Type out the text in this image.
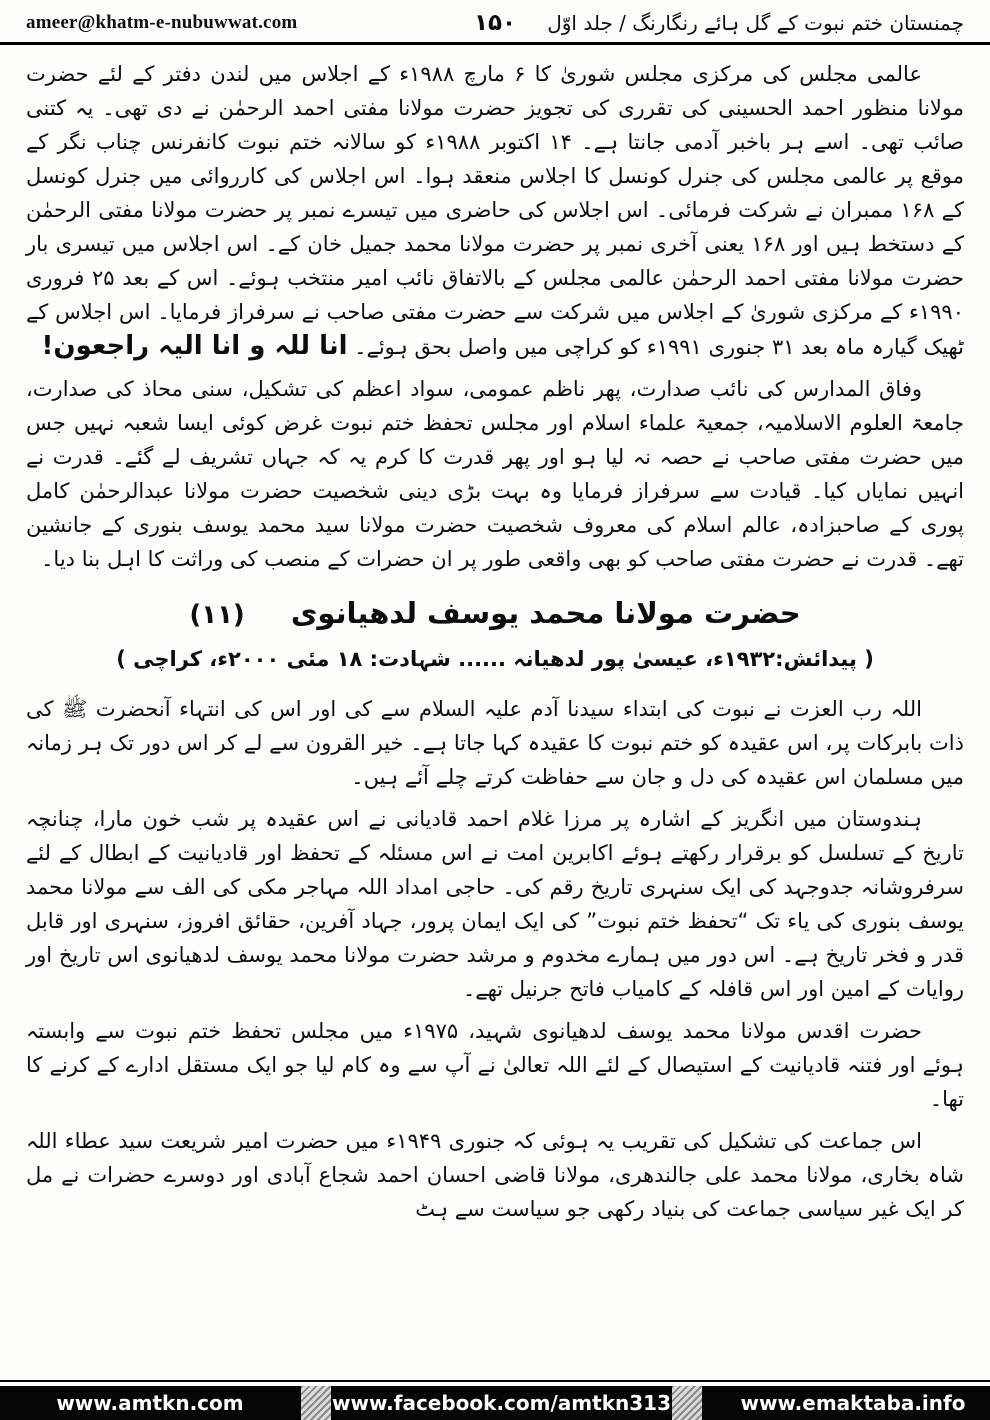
ameer@khatm-e-nubuwwat.com	۱۵۰ چمنستان ختم نبوت کے گل ہائے رنگارنگ / جلد اوّل

عالمی مجلس کی مرکزی مجلس شوریٰ کا ۶ مارچ ۱۹۸۸ء کے اجلاس میں لندن دفتر کے لئے حضرت مولانا منظور احمد الحسینی کی تقرری کی تجویز حضرت مولانا مفتی احمد الرحمٰن نے دی تھی۔ یہ کتنی صائب تھی۔ اسے ہر باخبر آدمی جانتا ہے۔ ۱۴ اکتوبر ۱۹۸۸ء کو سالانہ ختم نبوت کانفرنس چناب نگر کے موقع پر عالمی مجلس کی جنرل کونسل کا اجلاس منعقد ہوا۔ اس اجلاس کی کارروائی میں جنرل کونسل کے ۱۶۸ ممبران نے شرکت فرمائی۔ اس اجلاس کی حاضری میں تیسرے نمبر پر حضرت مولانا مفتی الرحمٰن کے دستخط ہیں اور ۱۶۸ یعنی آخری نمبر پر حضرت مولانا محمد جمیل خان کے۔ اس اجلاس میں تیسری بار حضرت مولانا مفتی احمد الرحمٰن عالمی مجلس کے بالاتفاق نائب امیر منتخب ہوئے۔ اس کے بعد ۲۵ فروری ۱۹۹۰ء کے مرکزی شوریٰ کے اجلاس میں شرکت سے حضرت مفتی صاحب نے سرفراز فرمایا۔ اس اجلاس کے ٹھیک گیارہ ماہ بعد ۳۱ جنوری ۱۹۹۱ء کو کراچی میں واصل بحق ہوئے۔ انا للہ و انا الیہ راجعون!

وفاق المدارس کی نائب صدارت، پھر ناظم عمومی، سواد اعظم کی تشکیل، سنی محاذ کی صدارت، جامعۃ العلوم الاسلامیہ، جمعیۃ علماء اسلام اور مجلس تحفظ ختم نبوت غرض کوئی ایسا شعبہ نہیں جس میں حضرت مفتی صاحب نے حصہ نہ لیا ہو اور پھر قدرت کا کرم یہ کہ جہاں تشریف لے گئے۔ قدرت نے انہیں نمایاں کیا۔ قیادت سے سرفراز فرمایا وہ بہت بڑی دینی شخصیت حضرت مولانا عبدالرحمٰن کامل پوری کے صاحبزادہ، عالم اسلام کی معروف شخصیت حضرت مولانا سید محمد یوسف بنوری کے جانشین تھے۔ قدرت نے حضرت مفتی صاحب کو بھی واقعی طور پر ان حضرات کے منصب کی وراثت کا اہل بنا دیا۔

(۱۱) حضرت مولانا محمد یوسف لدھیانوی
( پیدائش:۱۹۳۲ء، عیسیٰ پور لدھیانہ ...... شہادت: ۱۸ مئی ۲۰۰۰ء، کراچی )

اللہ رب العزت نے نبوت کی ابتداء سیدنا آدم علیہ السلام سے کی اور اس کی انتہاء آنحضرت ﷺ کی ذات بابرکات پر، اس عقیدہ کو ختم نبوت کا عقیدہ کہا جاتا ہے۔ خیر القرون سے لے کر اس دور تک ہر زمانہ میں مسلمان اس عقیدہ کی دل و جان سے حفاظت کرتے چلے آئے ہیں۔

ہندوستان میں انگریز کے اشارہ پر مرزا غلام احمد قادیانی نے اس عقیدہ پر شب خون مارا، چنانچہ تاریخ کے تسلسل کو برقرار رکھتے ہوئے اکابرین امت نے اس مسئلہ کے تحفظ اور قادیانیت کے ابطال کے لئے سرفروشانہ جدوجہد کی ایک سنہری تاریخ رقم کی۔ حاجی امداد اللہ مہاجر مکی کی الف سے مولانا محمد یوسف بنوری کی یاء تک “تحفظ ختم نبوت” کی ایک ایمان پرور، جہاد آفرین، حقائق افروز، سنہری اور قابل قدر و فخر تاریخ ہے۔ اس دور میں ہمارے مخدوم و مرشد حضرت مولانا محمد یوسف لدھیانوی اس تاریخ اور روایات کے امین اور اس قافلہ کے کامیاب فاتح جرنیل تھے۔

حضرت اقدس مولانا محمد یوسف لدھیانوی شہید، ۱۹۷۵ء میں مجلس تحفظ ختم نبوت سے وابستہ ہوئے اور فتنہ قادیانیت کے استیصال کے لئے اللہ تعالیٰ نے آپ سے وہ کام لیا جو ایک مستقل ادارے کے کرنے کا تھا۔

اس جماعت کی تشکیل کی تقریب یہ ہوئی کہ جنوری ۱۹۴۹ء میں حضرت امیر شریعت سید عطاء اللہ شاہ بخاری، مولانا محمد علی جالندھری، مولانا قاضی احسان احمد شجاع آبادی اور دوسرے حضرات نے مل کر ایک غیر سیاسی جماعت کی بنیاد رکھی جو سیاست سے ہٹ

www.amtkn.com	www.facebook.com/amtkn313	www.emaktaba.info
